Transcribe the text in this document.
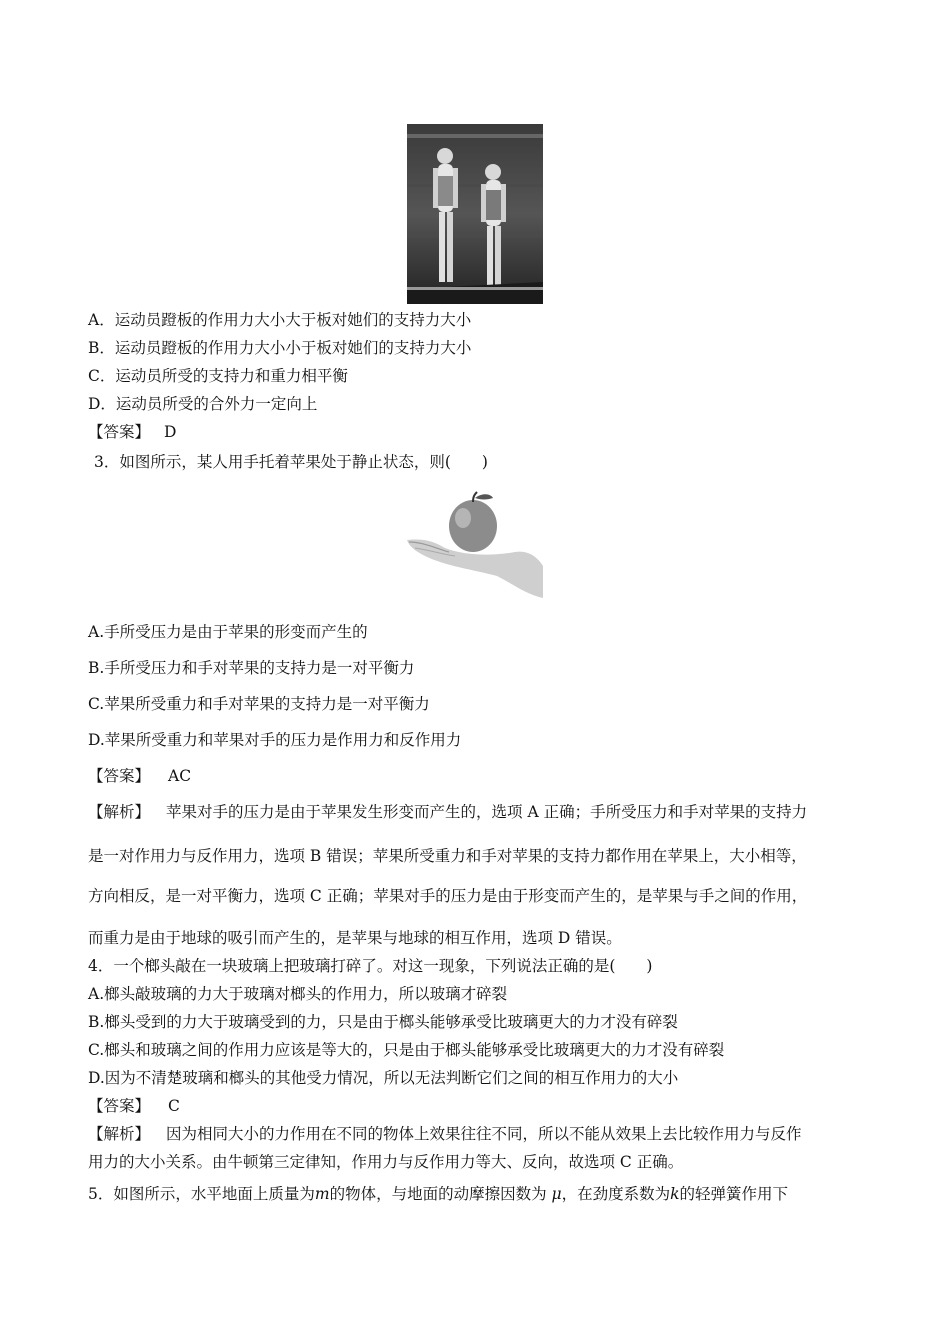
A．运动员蹬板的作用力大小大于板对她们的支持力大小
B．运动员蹬板的作用力大小小于板对她们的支持力大小
C．运动员所受的支持力和重力相平衡
D．运动员所受的合外力一定向上
【答案】 D
3．如图所示，某人用手托着苹果处于静止状态，则(　　)
A.手所受压力是由于苹果的形变而产生的
B.手所受压力和手对苹果的支持力是一对平衡力
C.苹果所受重力和手对苹果的支持力是一对平衡力
D.苹果所受重力和苹果对手的压力是作用力和反作用力
【答案】 AC
【解析】 苹果对手的压力是由于苹果发生形变而产生的，选项 A 正确；手所受压力和手对苹果的支持力
是一对作用力与反作用力，选项 B 错误；苹果所受重力和手对苹果的支持力都作用在苹果上，大小相等，
方向相反，是一对平衡力，选项 C 正确；苹果对手的压力是由于形变而产生的，是苹果与手之间的作用，
而重力是由于地球的吸引而产生的，是苹果与地球的相互作用，选项 D 错误。
4．一个榔头敲在一块玻璃上把玻璃打碎了。对这一现象，下列说法正确的是(　　)
A.榔头敲玻璃的力大于玻璃对榔头的作用力，所以玻璃才碎裂
B.榔头受到的力大于玻璃受到的力，只是由于榔头能够承受比玻璃更大的力才没有碎裂
C.榔头和玻璃之间的作用力应该是等大的，只是由于榔头能够承受比玻璃更大的力才没有碎裂
D.因为不清楚玻璃和榔头的其他受力情况，所以无法判断它们之间的相互作用力的大小
【答案】 C
【解析】 因为相同大小的力作用在不同的物体上效果往往不同，所以不能从效果上去比较作用力与反作
用力的大小关系。由牛顿第三定律知，作用力与反作用力等大、反向，故选项 C 正确。
5．如图所示，水平地面上质量为m的物体，与地面的动摩擦因数为 μ，在劲度系数为k的轻弹簧作用下
